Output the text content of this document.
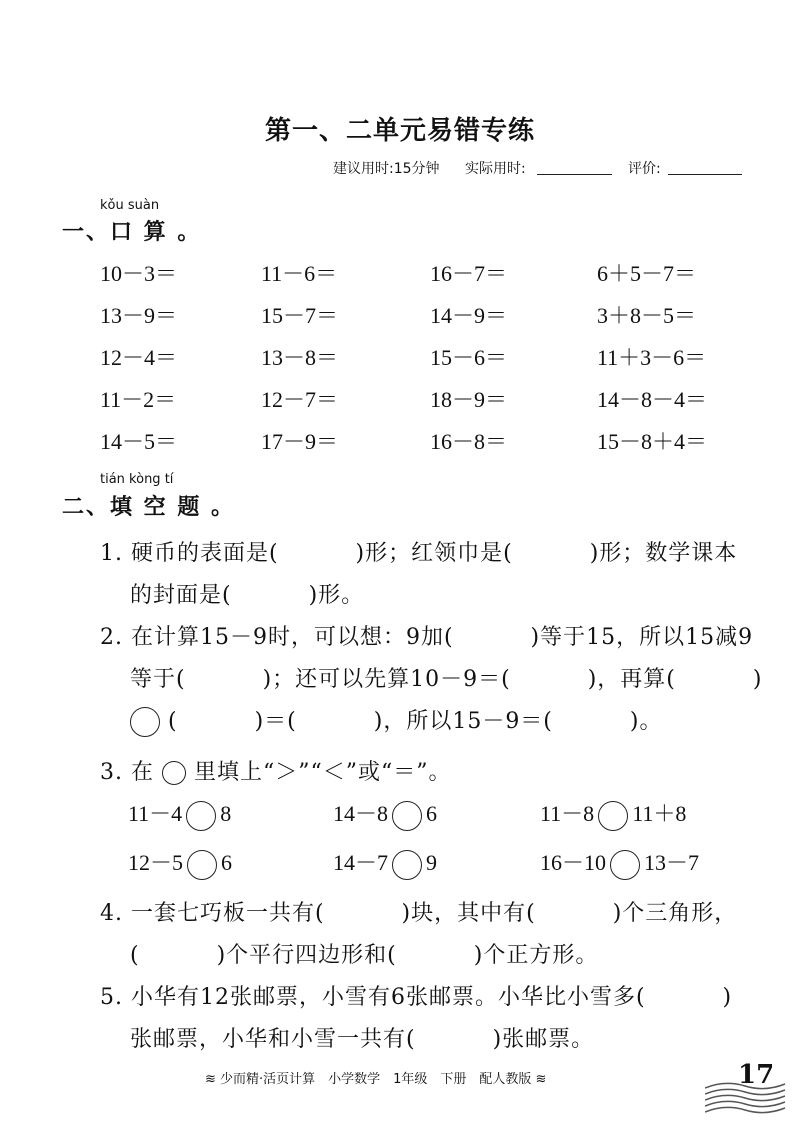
第一、二单元易错专练
建议用时:15分钟 实际用时:	评价:
kǒu suàn
一、口 算 。
10－3＝	11－6＝	16－7＝	6＋5－7＝
13－9＝	15－7＝	14－9＝	3＋8－5＝
12－4＝	13－8＝	15－6＝	11＋3－6＝
11－2＝	12－7＝	18－9＝	14－8－4＝
14－5＝	17－9＝	16－8＝	15－8＋4＝
tián kòng tí
二、填 空 题 。
1. 硬币的表面是(　　　 )形；红领巾是(　　　 )形；数学课本
的封面是(　　　 )形。
2. 在计算15－9时，可以想：9加(　　　 )等于15，所以15减9
等于(　　　 )；还可以先算10－9＝(　　　 )，再算(　　　 )
(　　　 )＝(　　　 )，所以15－9＝(　　　 )。
3. 在 里填上“＞”“＜”或“＝”。
11－4 8	14－8 6	11－8 11＋8
12－5 6	14－7 9	16－10 13－7
4. 一套七巧板一共有(　　　 )块，其中有(　　　 )个三角形，
(　　　 )个平行四边形和(　　　 )个正方形。
5. 小华有12张邮票，小雪有6张邮票。小华比小雪多(　　　 )
张邮票，小华和小雪一共有(　　　 )张邮票。
≋ 少而精·活页计算　小学数学　1年级　下册　配人教版 ≋	17
